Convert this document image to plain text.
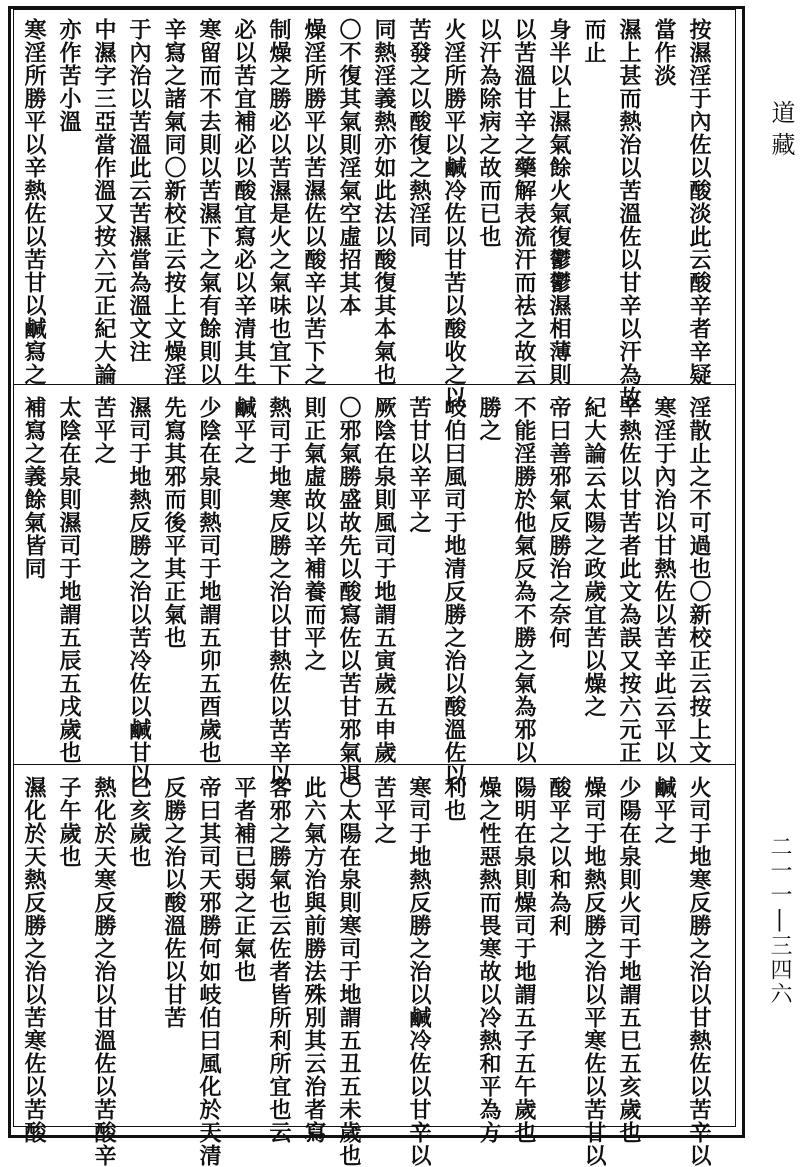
按濕淫于內佐以酸淡此云酸辛者辛疑
當作淡
濕上甚而熱治以苦溫佐以甘辛以汗為故
而止
身半以上濕氣餘火氣復鬱鬱濕相薄則
以苦溫甘辛之藥解表流汗而祛之故云
以汗為除病之故而已也
火淫所勝平以鹹冷佐以甘苦以酸收之以
苦發之以酸復之熱淫同
同熱淫義熱亦如此法以酸復其本氣也
〇不復其氣則淫氣空虛招其本
燥淫所勝平以苦濕佐以酸辛以苦下之
制燥之勝必以苦濕是火之氣味也宜下
必以苦宜補必以酸宜寫必以辛清其生
寒留而不去則以苦濕下之氣有餘則以
辛寫之諸氣同〇新校正云按上文燥淫
于內治以苦溫此云苦濕當為溫文注
中濕字三亞當作溫又按六元正紀大論
亦作苦小溫
寒淫所勝平以辛熱佐以苦甘以鹹寫之
淫散止之不可過也〇新校正云按上文
寒淫于內治以甘熱佐以苦辛此云平以
辛熱佐以甘苦者此文為誤又按六元正
紀大論云太陽之政歲宜苦以燥之
帝曰善邪氣反勝治之奈何
不能淫勝於他氣反為不勝之氣為邪以
勝之
岐伯曰風司于地清反勝之治以酸溫佐以
苦甘以辛平之
厥陰在泉則風司于地謂五寅歲五申歲
〇邪氣勝盛故先以酸寫佐以苦甘邪氣退
則正氣虛故以辛補養而平之
熱司于地寒反勝之治以甘熱佐以苦辛以
鹹平之
少陰在泉則熱司于地謂五卯五酉歲也
先寫其邪而後平其正氣也
濕司于地熱反勝之治以苦冷佐以鹹甘以
苦平之
太陰在泉則濕司于地謂五辰五戌歲也
補寫之義餘氣皆同
火司于地寒反勝之治以甘熱佐以苦辛以
鹹平之
少陽在泉則火司于地謂五巳五亥歲也
燥司于地熱反勝之治以平寒佐以苦甘以
酸平之以和為利
陽明在泉則燥司于地謂五子五午歲也
燥之性惡熱而畏寒故以冷熱和平為方
利也
寒司于地熱反勝之治以鹹冷佐以甘辛以
苦平之
〇太陽在泉則寒司于地謂五丑五未歲也
此六氣方治與前勝法殊別其云治者寫
客邪之勝氣也云佐者皆所利所宜也云
平者補已弱之正氣也
帝曰其司天邪勝何如岐伯曰風化於天清
反勝之治以酸溫佐以甘苦
巳亥歲也
熱化於天寒反勝之治以甘溫佐以苦酸辛
子午歲也
濕化於天熱反勝之治以苦寒佐以苦酸
道藏
二一一|三四六
